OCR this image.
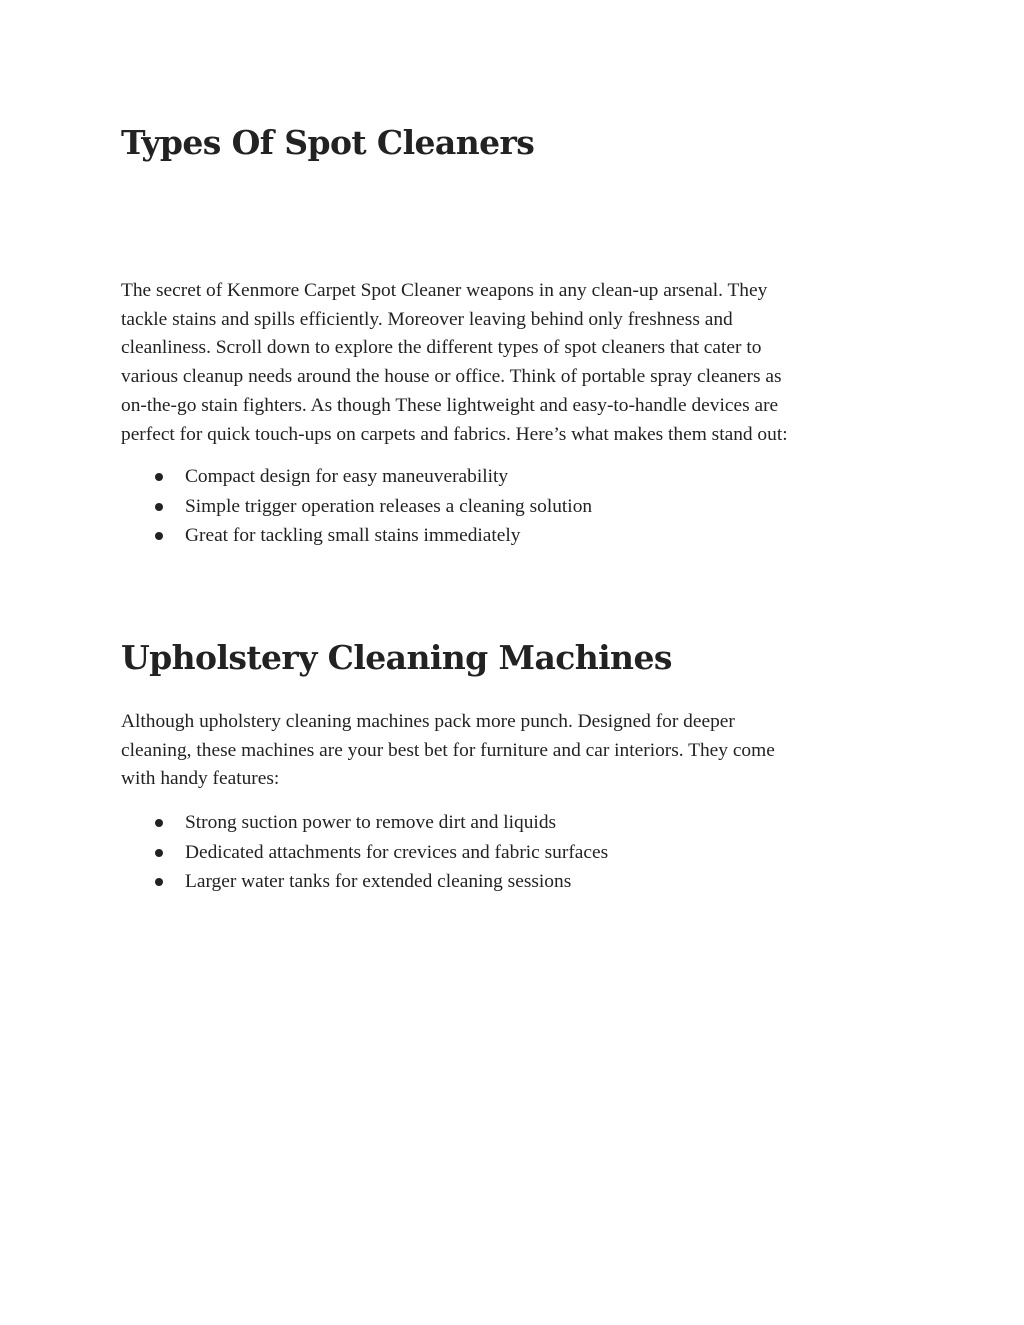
Types Of Spot Cleaners

The secret of Kenmore Carpet Spot Cleaner weapons in any clean-up arsenal. They
tackle stains and spills efficiently. Moreover leaving behind only freshness and
cleanliness. Scroll down to explore the different types of spot cleaners that cater to
various cleanup needs around the house or office. Think of portable spray cleaners as
on-the-go stain fighters. As though These lightweight and easy-to-handle devices are
perfect for quick touch-ups on carpets and fabrics. Here’s what makes them stand out:

Compact design for easy maneuverability
Simple trigger operation releases a cleaning solution
Great for tackling small stains immediately
Upholstery Cleaning Machines

Although upholstery cleaning machines pack more punch. Designed for deeper
cleaning, these machines are your best bet for furniture and car interiors. They come
with handy features:

Strong suction power to remove dirt and liquids
Dedicated attachments for crevices and fabric surfaces
Larger water tanks for extended cleaning sessions
